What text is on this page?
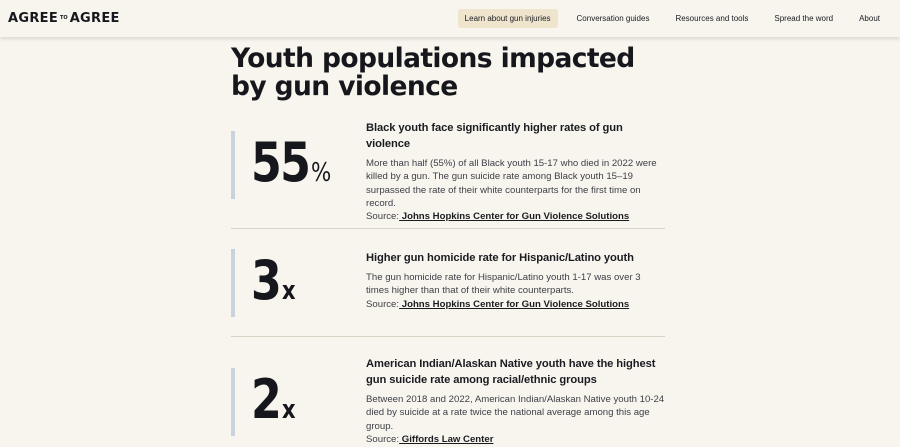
AGREE TO AGREE	Learn about gun injuries	Conversation guides	Resources and tools	Spread the word	About
Youth populations impacted by gun violence
55 %
Black youth face significantly higher rates of gun violence

More than half (55%) of all Black youth 15-17 who died in 2022 were killed by a gun. The gun suicide rate among Black youth 15–19 surpassed the rate of their white counterparts for the first time on record.

Source: Johns Hopkins Center for Gun Violence Solutions

3 x
Higher gun homicide rate for Hispanic/Latino youth

The gun homicide rate for Hispanic/Latino youth 1-17 was over 3 times higher than that of their white counterparts.

Source: Johns Hopkins Center for Gun Violence Solutions

2 x
American Indian/Alaskan Native youth have the highest gun suicide rate among racial/ethnic groups

Between 2018 and 2022, American Indian/Alaskan Native youth 10-24 died by suicide at a rate twice the national average among this age group.

Source: Giffords Law Center
